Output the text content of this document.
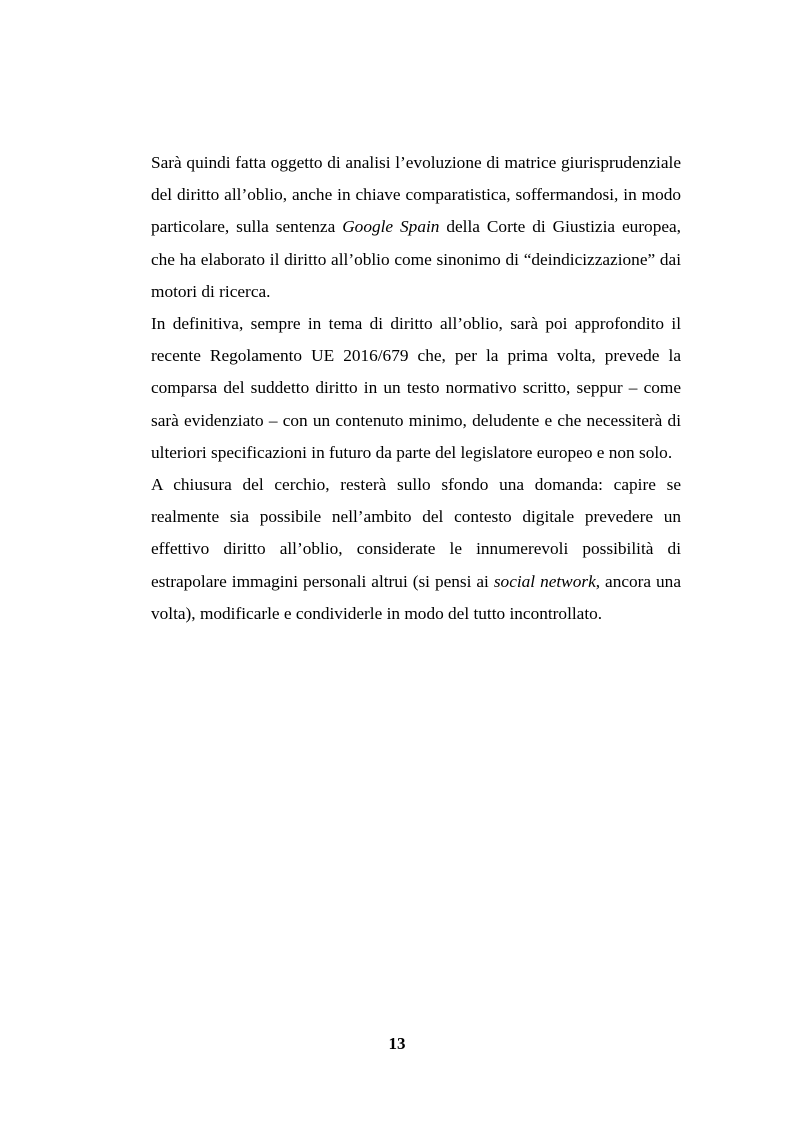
Sarà quindi fatta oggetto di analisi l’evoluzione di matrice giurisprudenziale del diritto all’oblio, anche in chiave comparatistica, soffermandosi, in modo particolare, sulla sentenza Google Spain della Corte di Giustizia europea, che ha elaborato il diritto all’oblio come sinonimo di “deindicizzazione” dai motori di ricerca.

In definitiva, sempre in tema di diritto all’oblio, sarà poi approfondito il recente Regolamento UE 2016/679 che, per la prima volta, prevede la comparsa del suddetto diritto in un testo normativo scritto, seppur – come sarà evidenziato – con un contenuto minimo, deludente e che necessiterà di ulteriori specificazioni in futuro da parte del legislatore europeo e non solo.

A chiusura del cerchio, resterà sullo sfondo una domanda: capire se realmente sia possibile nell’ambito del contesto digitale prevedere un effettivo diritto all’oblio, considerate le innumerevoli possibilità di estrapolare immagini personali altrui (si pensi ai social network, ancora una volta), modificarle e condividerle in modo del tutto incontrollato.

13
